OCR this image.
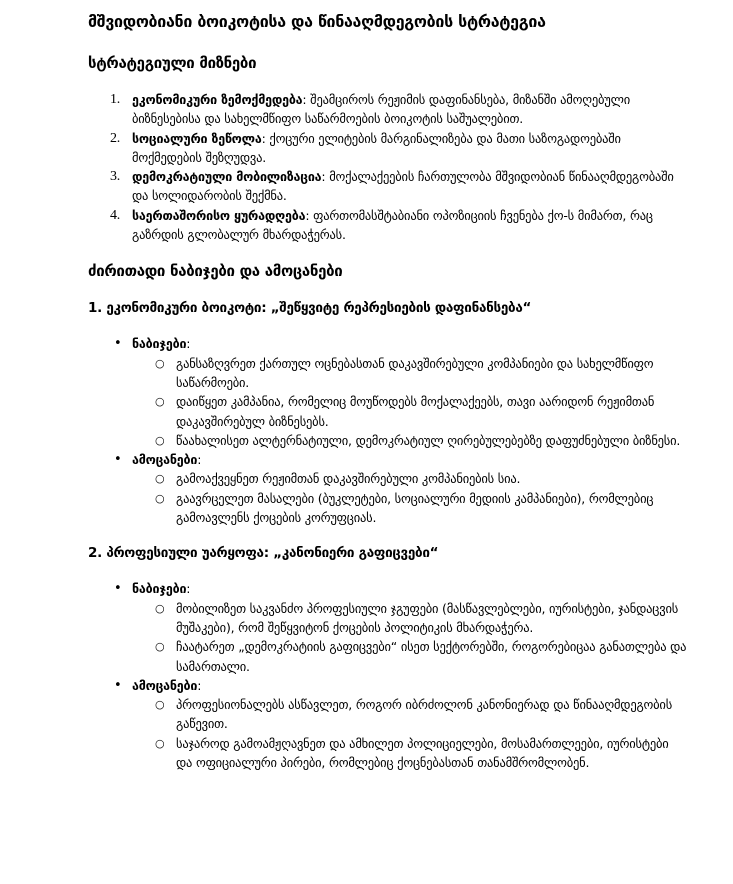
მშვიდობიანი ბოიკოტისა და წინააღმდეგობის სტრატეგია
სტრატეგიული მიზნები
1. ეკონომიკური ზემოქმედება: შეამციროს რეჟიმის დაფინანსება, მიზანში ამოღებული ბიზნესებისა და სახელმწიფო საწარმოების ბოიკოტის საშუალებით.
2. სოციალური ზეწოლა: ქოცური ელიტების მარგინალიზება და მათი საზოგადოებაში მოქმედების შეზღუდვა.
3. დემოკრატიული მობილიზაცია: მოქალაქეების ჩართულობა მშვიდობიან წინააღმდეგობაში და სოლიდარობის შექმნა.
4. საერთაშორისო ყურადღება: ფართომასშტაბიანი ოპოზიციის ჩვენება ქო-ს მიმართ, რაც გაზრდის გლობალურ მხარდაჭერას.
ძირითადი ნაბიჯები და ამოცანები
1. ეკონომიკური ბოიკოტი: „შეწყვიტე რეპრესიების დაფინანსება“
• ნაბიჯები:
○ განსაზღვრეთ ქართულ ოცნებასთან დაკავშირებული კომპანიები და სახელმწიფო საწარმოები.
○ დაიწყეთ კამპანია, რომელიც მოუწოდებს მოქალაქეებს, თავი აარიდონ რეჟიმთან დაკავშირებულ ბიზნესებს.
○ წაახალისეთ ალტერნატიული, დემოკრატიულ ღირებულებებზე დაფუძნებული ბიზნესი.
• ამოცანები:
○ გამოაქვეყნეთ რეჟიმთან დაკავშირებული კომპანიების სია.
○ გაავრცელეთ მასალები (ბუკლეტები, სოციალური მედიის კამპანიები), რომლებიც გამოავლენს ქოცების კორუფციას.
2. პროფესიული უარყოფა: „კანონიერი გაფიცვები“
• ნაბიჯები:
○ მობილიზეთ საკვანძო პროფესიული ჯგუფები (მასწავლებლები, იურისტები, ჯანდაცვის მუშაკები), რომ შეწყვიტონ ქოცების პოლიტიკის მხარდაჭერა.
○ ჩაატარეთ „დემოკრატიის გაფიცვები“ ისეთ სექტორებში, როგორებიცაა განათლება და სამართალი.
• ამოცანები:
○ პროფესიონალებს ასწავლეთ, როგორ იბრძოლონ კანონიერად და წინააღმდეგობის გაწევით.
○ საჯაროდ გამოამჟღავნეთ და ამხილეთ პოლიციელები, მოსამართლეები, იურისტები და ოფიციალური პირები, რომლებიც ქოცნებასთან თანამშრომლობენ.
